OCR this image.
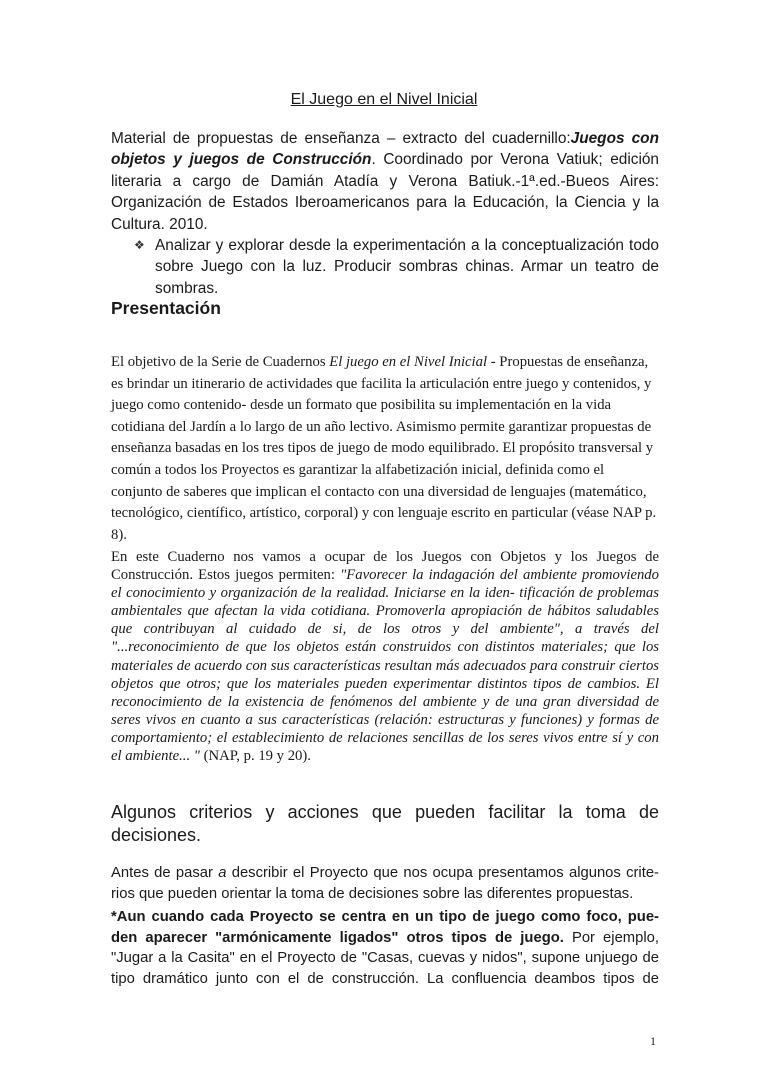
El Juego en el Nivel Inicial
Material de propuestas de enseñanza – extracto del cuadernillo:Juegos con objetos y juegos de Construcción. Coordinado por Verona Vatiuk; edición literaria a cargo de Damián Atadía y Verona Batiuk.-1ª.ed.-Bueos Aires: Organización de Estados Iberoamericanos para la Educación, la Ciencia y la Cultura. 2010.
❖ Analizar y explorar desde la experimentación a la conceptualización todo sobre Juego con la luz. Producir sombras chinas. Armar un teatro de sombras.
Presentación
El objetivo de la Serie de Cuadernos El juego en el Nivel Inicial - Propuestas de enseñanza, es brindar un itinerario de actividades que facilita la articulación entre juego y contenidos, y juego como contenido- desde un formato que posibilita su implementación en la vida cotidiana del Jardín a lo largo de un año lectivo. Asimismo permite garantizar propuestas de enseñanza basadas en los tres tipos de juego de modo equilibrado. El propósito transversal y común a todos los Proyectos es garantizar la alfabetización inicial, definida como el conjunto de saberes que implican el contacto con una diversidad de lenguajes (matemático, tecnológico, científico, artístico, corporal) y con lenguaje escrito en particular (véase NAP p. 8).
En este Cuaderno nos vamos a ocupar de los Juegos con Objetos y los Juegos de Construcción. Estos juegos permiten: "Favorecer la indagación del ambiente promoviendo el conocimiento y organización de la realidad. Iniciarse en la iden- tificación de problemas ambientales que afectan la vida cotidiana. Promoverla apropiación de hábitos saludables que contribuyan al cuidado de si, de los otros y del ambiente", a través del "...reconocimiento de que los objetos están construidos con distintos materiales; que los materiales de acuerdo con sus características resultan más adecuados para construir ciertos objetos que otros; que los materiales pueden experimentar distintos tipos de cambios. El reconocimiento de la existencia de fenómenos del ambiente y de una gran diversidad de seres vivos en cuanto a sus características (relación: estructuras y funciones) y formas de comportamiento; el establecimiento de relaciones sencillas de los seres vivos entre sí y con el ambiente... " (NAP, p. 19 y 20).
Algunos criterios y acciones que pueden facilitar la toma de decisiones.
Antes de pasar a describir el Proyecto que nos ocupa presentamos algunos crite- rios que pueden orientar la toma de decisiones sobre las diferentes propuestas.
*Aun cuando cada Proyecto se centra en un tipo de juego como foco, pue- den aparecer "armónicamente ligados" otros tipos de juego. Por ejemplo, "Jugar a la Casita" en el Proyecto de "Casas, cuevas y nidos", supone unjuego de tipo dramático junto con el de construcción. La confluencia deambos tipos de
1
